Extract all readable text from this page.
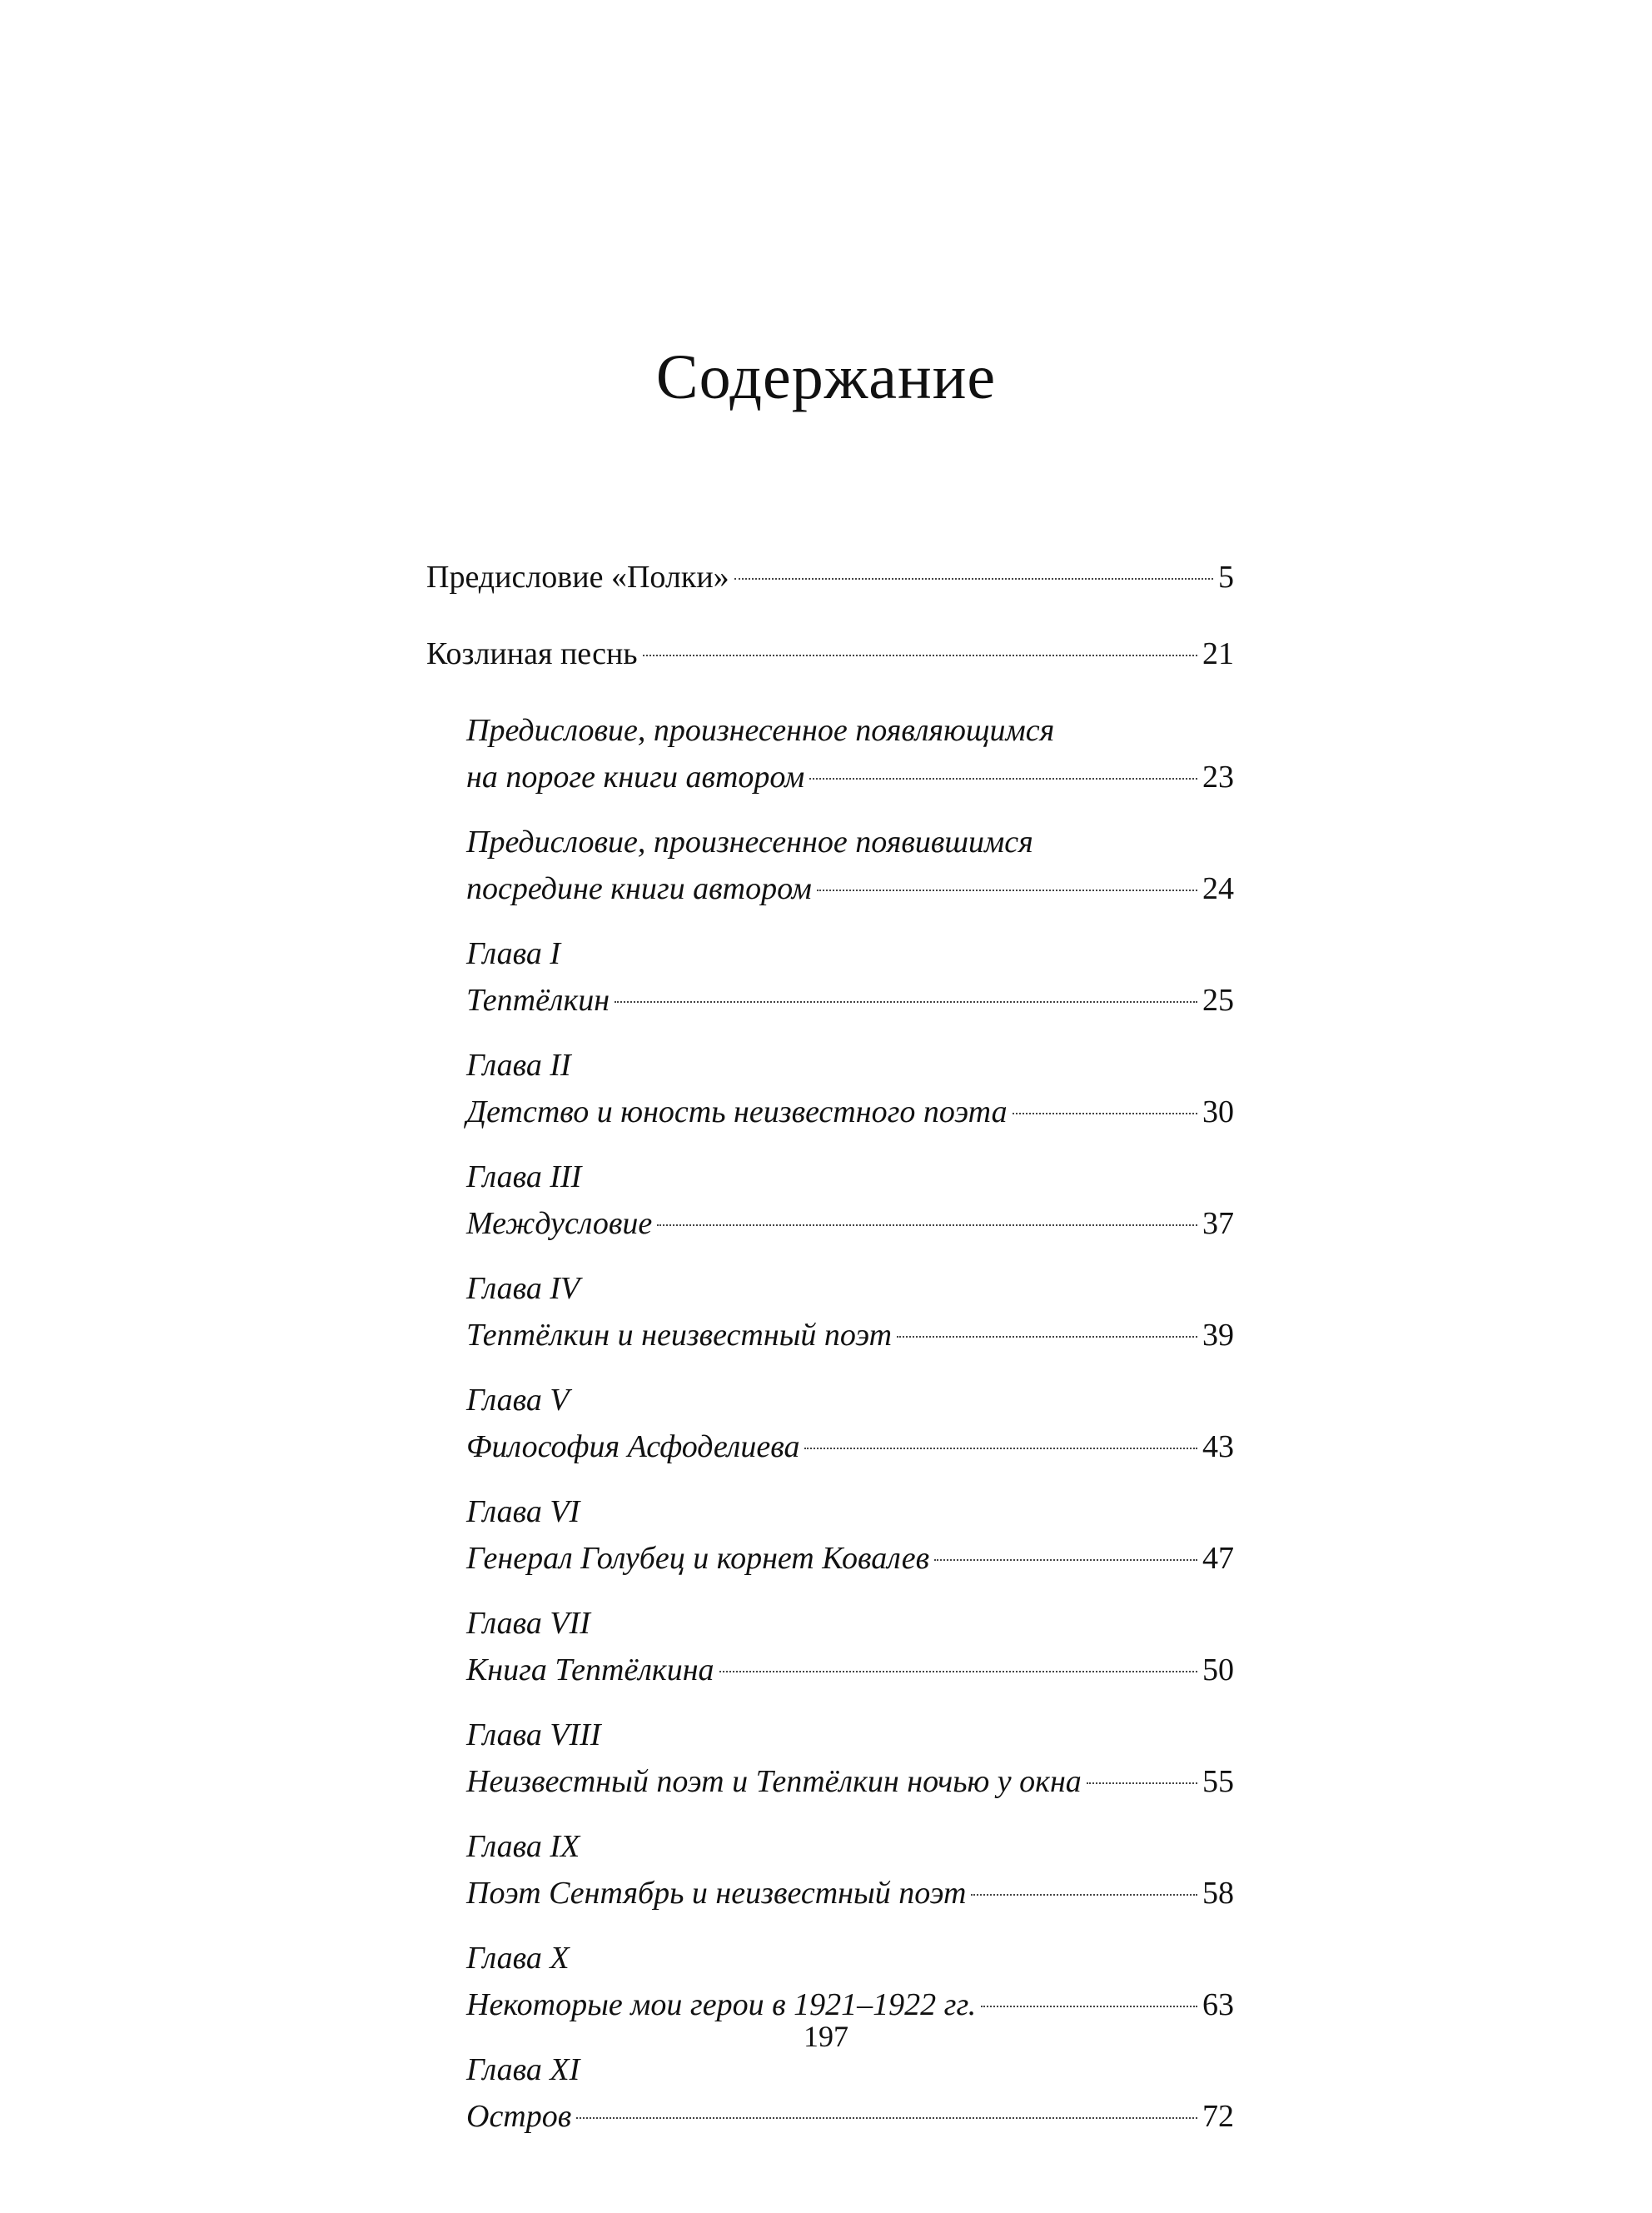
Содержание
Предисловие «Полки»	5
Козлиная песнь	21
Предисловие, произнесенное появляющимся
на пороге книги автором	23
Предисловие, произнесенное появившимся
посредине книги автором	24
Глава I
Тептёлкин	25
Глава II
Детство и юность неизвестного поэта	30
Глава III
Междусловие	37
Глава IV
Тептёлкин и неизвестный поэт	39
Глава V
Философия Асфоделиева	43
Глава VI
Генерал Голубец и корнет Ковалев	47
Глава VII
Книга Тептёлкина	50
Глава VIII
Неизвестный поэт и Тептёлкин ночью у окна	55
Глава IX
Поэт Сентябрь и неизвестный поэт	58
Глава X
Некоторые мои герои в 1921–1922 гг.	63
Глава XI
Остров	72
197
